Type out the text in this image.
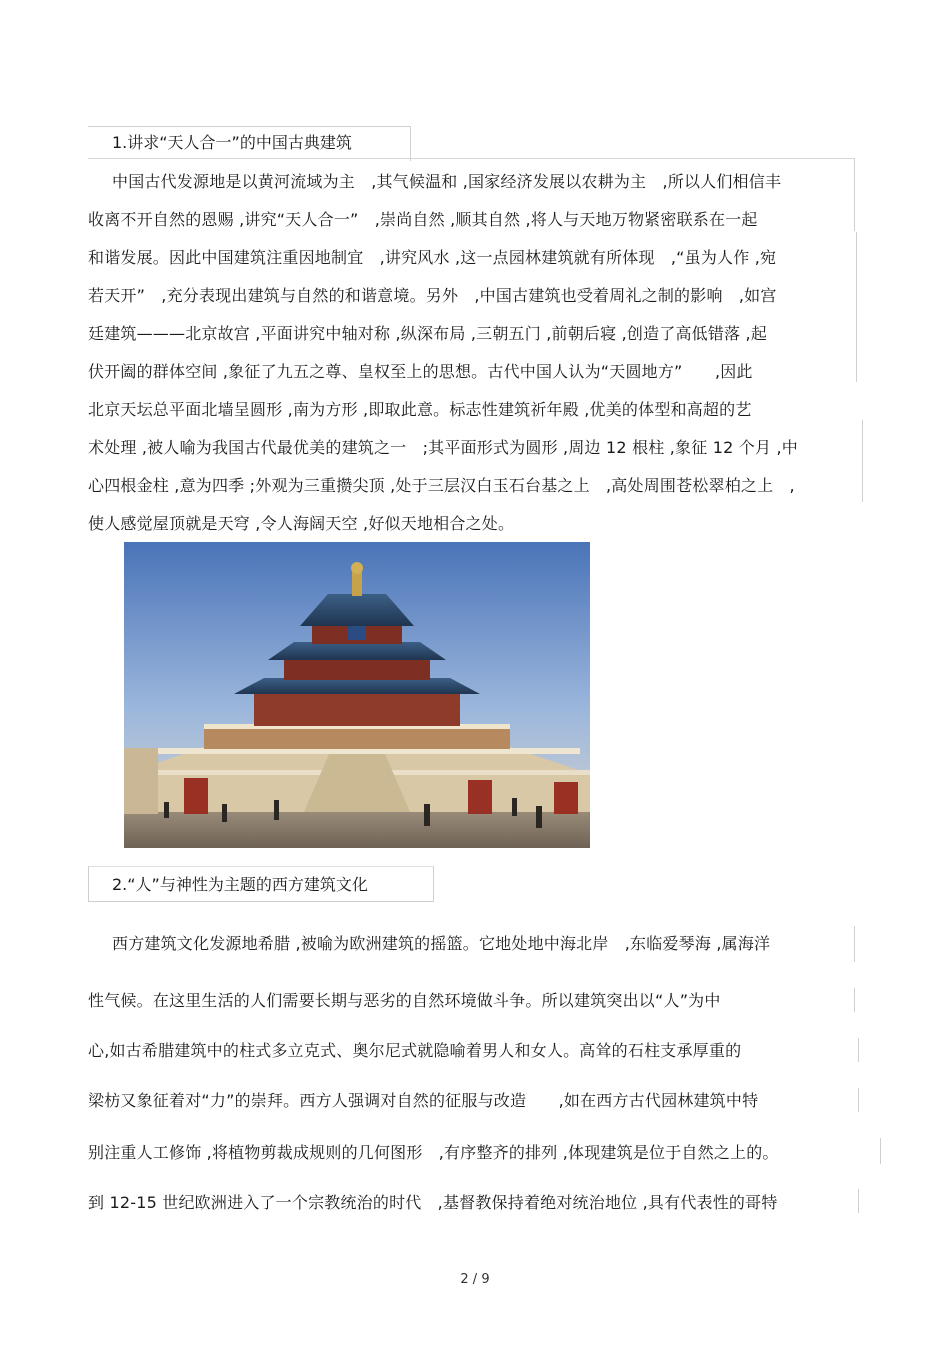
1.讲求“天人合一”的中国古典建筑
中国古代发源地是以黄河流域为主　,其气候温和 ,国家经济发展以农耕为主　,所以人们相信丰
收离不开自然的恩赐 ,讲究“天人合一”　,崇尚自然 ,顺其自然 ,将人与天地万物紧密联系在一起
和谐发展。因此中国建筑注重因地制宜　,讲究风水 ,这一点园林建筑就有所体现　,“虽为人作 ,宛
若天开”　,充分表现出建筑与自然的和谐意境。另外　,中国古建筑也受着周礼之制的影响　,如宫
廷建筑———北京故宫 ,平面讲究中轴对称 ,纵深布局 ,三朝五门 ,前朝后寝 ,创造了高低错落 ,起
伏开阖的群体空间 ,象征了九五之尊、皇权至上的思想。古代中国人认为“天圆地方”　　,因此
北京天坛总平面北墙呈圆形 ,南为方形 ,即取此意。标志性建筑祈年殿 ,优美的体型和高超的艺
术处理 ,被人喻为我国古代最优美的建筑之一　;其平面形式为圆形 ,周边 12 根柱 ,象征 12 个月 ,中
心四根金柱 ,意为四季 ;外观为三重攒尖顶 ,处于三层汉白玉石台基之上　,高处周围苍松翠柏之上　,
使人感觉屋顶就是天穹 ,令人海阔天空 ,好似天地相合之处。
2.“人”与神性为主题的西方建筑文化
西方建筑文化发源地希腊 ,被喻为欧洲建筑的摇篮。它地处地中海北岸　,东临爱琴海 ,属海洋
性气候。在这里生活的人们需要长期与恶劣的自然环境做斗争。所以建筑突出以“人”为中
心,如古希腊建筑中的柱式多立克式、奥尔尼式就隐喻着男人和女人。高耸的石柱支承厚重的
梁枋又象征着对“力”的崇拜。西方人强调对自然的征服与改造　　,如在西方古代园林建筑中特
别注重人工修饰 ,将植物剪裁成规则的几何图形　,有序整齐的排列 ,体现建筑是位于自然之上的。
到 12-15 世纪欧洲进入了一个宗教统治的时代　,基督教保持着绝对统治地位 ,具有代表性的哥特
2 / 9
